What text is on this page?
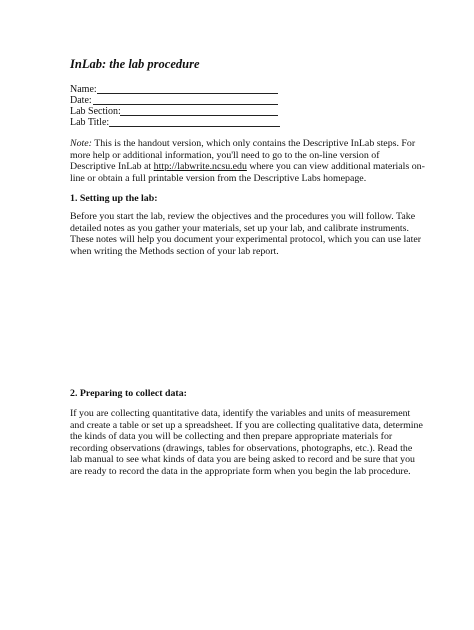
InLab: the lab procedure
Name:
Date:
Lab Section:
Lab Title:

Note: This is the handout version, which only contains the Descriptive InLab steps. For
more help or additional information, you'll need to go to the on-line version of
Descriptive InLab at http://labwrite.ncsu.edu where you can view additional materials on-
line or obtain a full printable version from the Descriptive Labs homepage.

1. Setting up the lab:

Before you start the lab, review the objectives and the procedures you will follow. Take
detailed notes as you gather your materials, set up your lab, and calibrate instruments.
These notes will help you document your experimental protocol, which you can use later
when writing the Methods section of your lab report.

2. Preparing to collect data:

If you are collecting quantitative data, identify the variables and units of measurement
and create a table or set up a spreadsheet. If you are collecting qualitative data, determine
the kinds of data you will be collecting and then prepare appropriate materials for
recording observations (drawings, tables for observations, photographs, etc.). Read the
lab manual to see what kinds of data you are being asked to record and be sure that you
are ready to record the data in the appropriate form when you begin the lab procedure.
